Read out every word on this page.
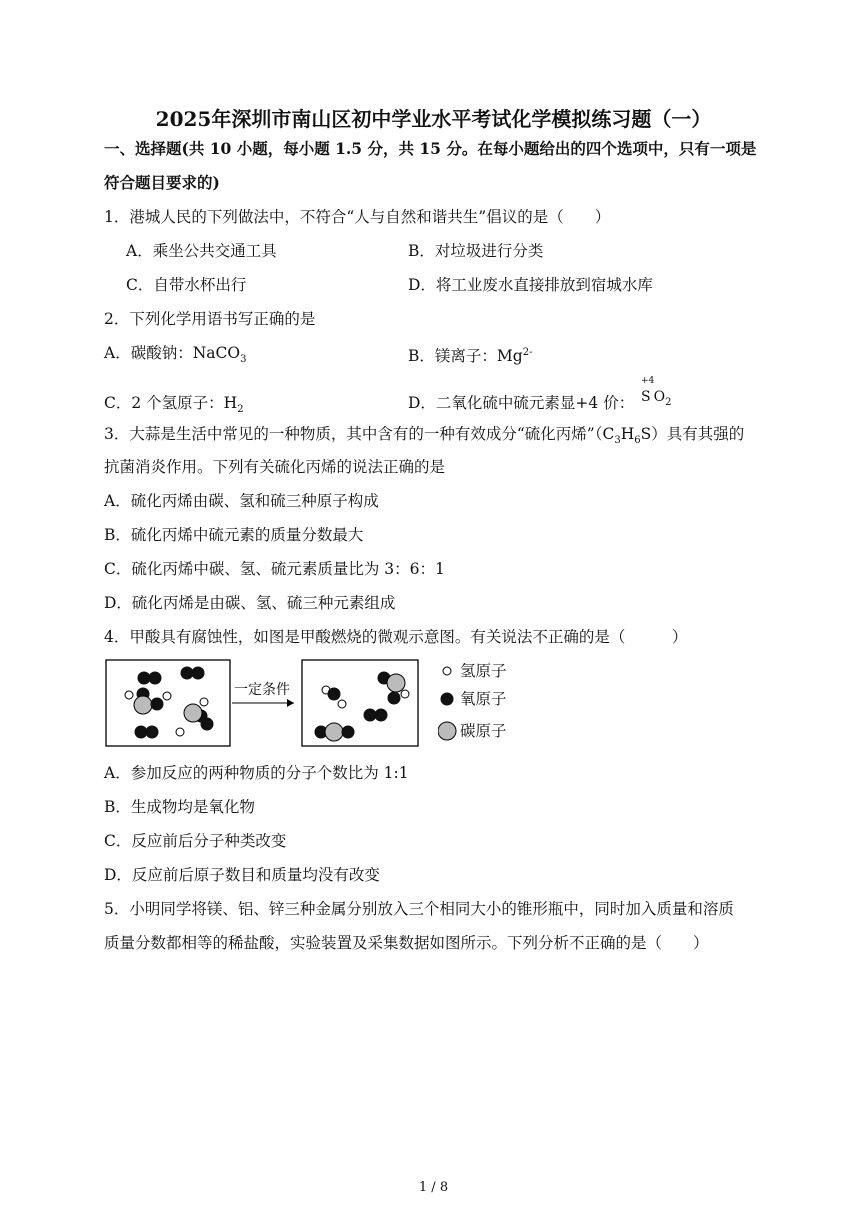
2025年深圳市南山区初中学业水平考试化学模拟练习题（一）
一、选择题(共 10 小题，每小题 1.5 分，共 15 分。在每小题给出的四个选项中，只有一项是
符合题目要求的)
1．港城人民的下列做法中，不符合“人与自然和谐共生”倡议的是（　　）
A．乘坐公共交通工具	B．对垃圾进行分类
C．自带水杯出行	D．将工业废水直接排放到宿城水库
2．下列化学用语书写正确的是
A．碳酸钠：NaCO$_3$	B．镁离子：$Mg^{2-}$
C．2 个氢原子：$H_2$	D．二氧化硫中硫元素显+4 价：
+4
S $O_2$
3．大蒜是生活中常见的一种物质，其中含有的一种有效成分“硫化丙烯$”(C_3H_6S)$具有其强的
抗菌消炎作用。下列有关硫化丙烯的说法正确的是
A．硫化丙烯由碳、氢和硫三种原子构成
B．硫化丙烯中硫元素的质量分数最大
C．硫化丙烯中碳、氢、硫元素质量比为 3：6：1
D．硫化丙烯是由碳、氢、硫三种元素组成
4．甲酸具有腐蚀性，如图是甲酸燃烧的微观示意图。有关说法不正确的是（　　　）
一定条件
氢原子
氧原子
碳原子
A．参加反应的两种物质的分子个数比为 1:1
B．生成物均是氧化物
C．反应前后分子种类改变
D．反应前后原子数目和质量均没有改变
5．小明同学将镁、铝、锌三种金属分别放入三个相同大小的锥形瓶中，同时加入质量和溶质
质量分数都相等的稀盐酸，实验装置及采集数据如图所示。下列分析不正确的是（　　）
1 / 8
